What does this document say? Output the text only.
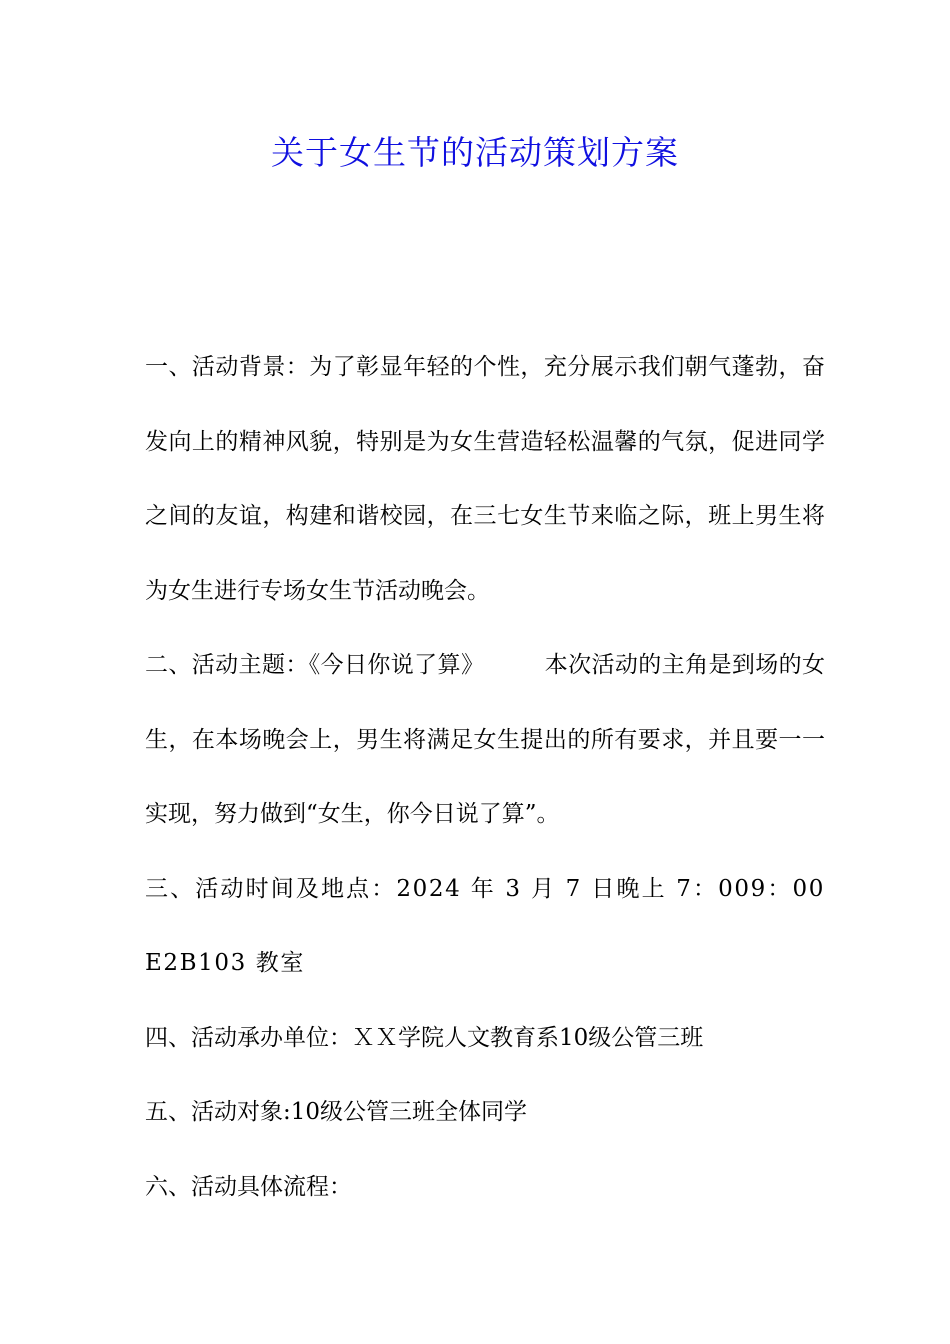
关于女生节的活动策划方案

一、活动背景：为了彰显年轻的个性，充分展示我们朝气蓬勃，奋发向上的精神风貌，特别是为女生营造轻松温馨的气氛，促进同学之间的友谊，构建和谐校园，在三七女生节来临之际，班上男生将为女生进行专场女生节活动晚会。

二、活动主题：《今日你说了算》	本次活动的主角是到场的女生，在本场晚会上，男生将满足女生提出的所有要求，并且要一一实现，努力做到“女生，你今日说了算”。

三、活动时间及地点：2024 年 3 月 7 日晚上 7：009：00 E2B103 教室

四、活动承办单位：ＸＸ学院人文教育系10级公管三班

五、活动对象:10级公管三班全体同学

六、活动具体流程：
